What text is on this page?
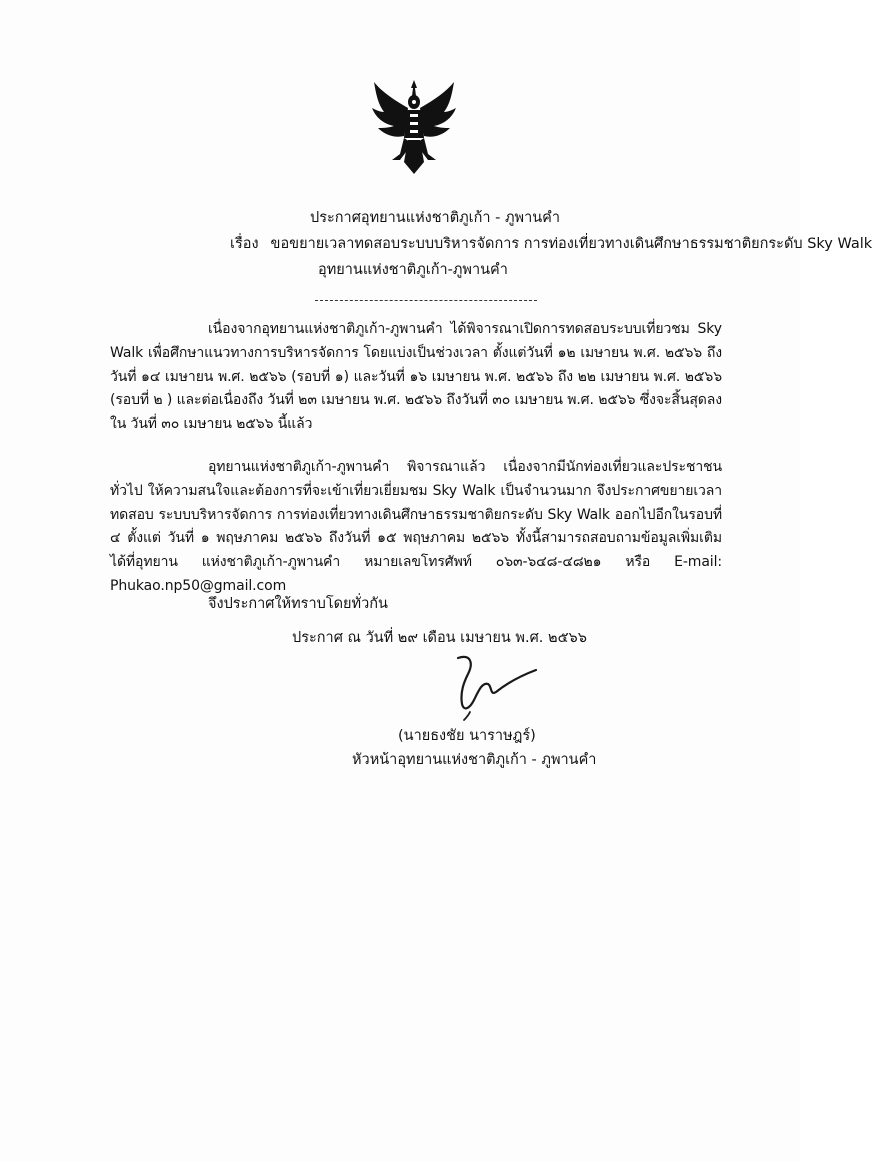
ประกาศอุทยานแห่งชาติภูเก้า - ภูพานคำ
เรื่อง ขอขยายเวลาทดสอบระบบบริหารจัดการ การท่องเที่ยวทางเดินศึกษาธรรมชาติยกระดับ Sky Walk
อุทยานแห่งชาติภูเก้า-ภูพานคำ
เนื่องจากอุทยานแห่งชาติภูเก้า-ภูพานคำ ได้พิจารณาเปิดการทดสอบระบบเที่ยวชม Sky Walk เพื่อศึกษาแนวทางการบริหารจัดการ โดยแบ่งเป็นช่วงเวลา ตั้งแต่วันที่ ๑๒ เมษายน พ.ศ. ๒๕๖๖ ถึง วันที่ ๑๔ เมษายน พ.ศ. ๒๕๖๖ (รอบที่ ๑) และวันที่ ๑๖ เมษายน พ.ศ. ๒๕๖๖ ถึง ๒๒ เมษายน พ.ศ. ๒๕๖๖ (รอบที่ ๒ ) และต่อเนื่องถึง วันที่ ๒๓ เมษายน พ.ศ. ๒๕๖๖ ถึงวันที่ ๓๐ เมษายน พ.ศ. ๒๕๖๖ ซึ่งจะสิ้นสุดลงใน วันที่ ๓๐ เมษายน ๒๕๖๖ นี้แล้ว
อุทยานแห่งชาติภูเก้า-ภูพานคำ พิจารณาแล้ว เนื่องจากมีนักท่องเที่ยวและประชาชนทั่วไป ให้ความสนใจและต้องการที่จะเข้าเที่ยวเยี่ยมชม Sky Walk เป็นจำนวนมาก จึงประกาศขยายเวลาทดสอบ ระบบบริหารจัดการ การท่องเที่ยวทางเดินศึกษาธรรมชาติยกระดับ Sky Walk ออกไปอีกในรอบที่ ๔ ตั้งแต่ วันที่ ๑ พฤษภาคม ๒๕๖๖ ถึงวันที่ ๑๕ พฤษภาคม ๒๕๖๖ ทั้งนี้สามารถสอบถามข้อมูลเพิ่มเติมได้ที่อุทยาน แห่งชาติภูเก้า-ภูพานคำ หมายเลขโทรศัพท์ ๐๖๓-๖๔๘-๔๘๒๑ หรือ E-mail: Phukao.np50@gmail.com
จึงประกาศให้ทราบโดยทั่วกัน
ประกาศ ณ วันที่ ๒๙ เดือน เมษายน พ.ศ. ๒๕๖๖
(นายธงชัย นาราษฎร์)
หัวหน้าอุทยานแห่งชาติภูเก้า - ภูพานคำ
